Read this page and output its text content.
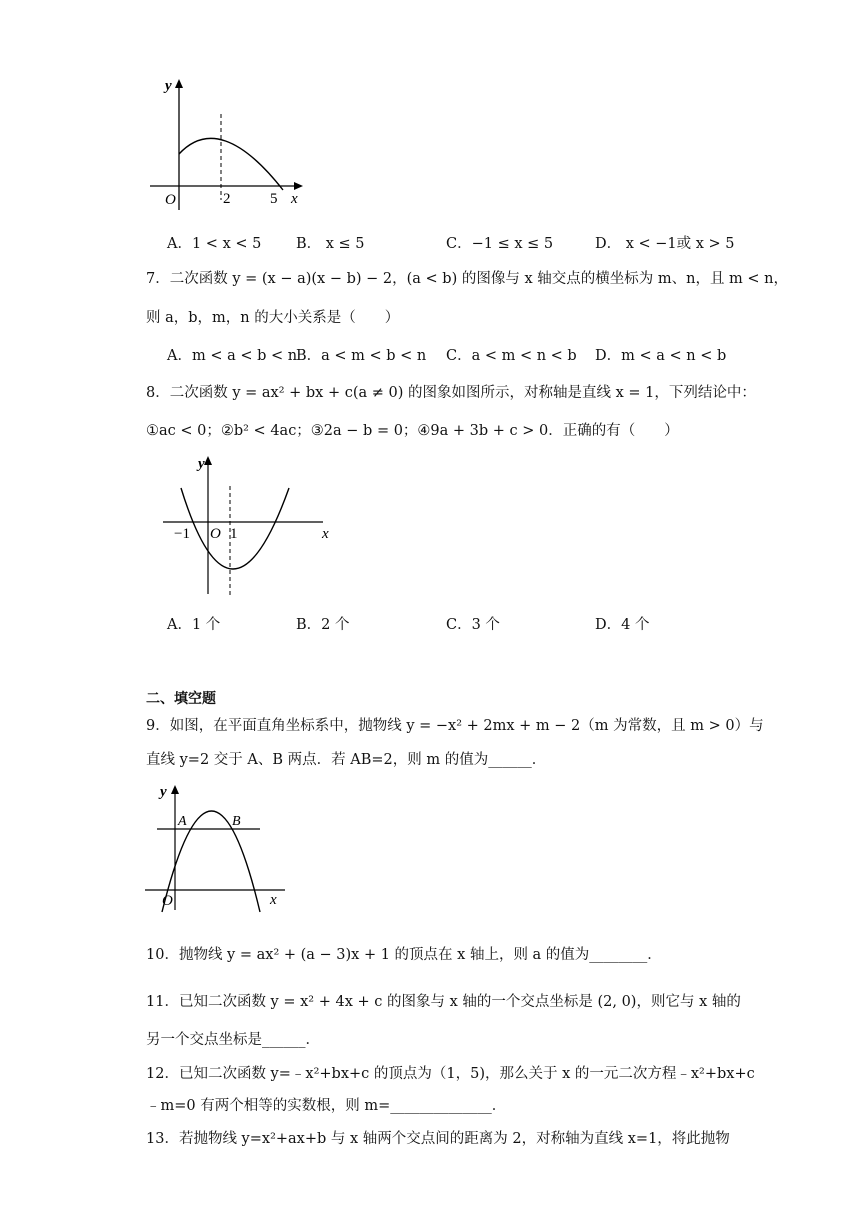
y
O	2	5 x
A．1 < x < 5 B． x ≤ 5	C．−1 ≤ x ≤ 5	D． x < −1或 x > 5
7．二次函数 y = (x − a)(x − b) − 2，(a < b) 的图像与 x 轴交点的横坐标为 m、n，且 m < n，
则 a，b，m，n 的大小关系是（　　）
A．m < a < b < n
B．a < m < b < n C．a < m < n < b D．m < a < n < b
8．二次函数 y = ax² + bx + c(a ≠ 0) 的图象如图所示，对称轴是直线 x = 1，下列结论中：
①ac < 0；②b² < 4ac；③2a − b = 0；④9a + 3b + c > 0．正确的有（　　）
y
−1 O 1	x
A．1 个	B．2 个	C．3 个	D．4 个
二、填空题
9．如图，在平面直角坐标系中，抛物线 y = −x² + 2mx + m − 2（m 为常数，且 m > 0）与
直线 y=2 交于 A、B 两点．若 AB=2，则 m 的值为______．
y
A	B
O	x
10．抛物线 y = ax² + (a − 3)x + 1 的顶点在 x 轴上，则 a 的值为________．
11．已知二次函数 y = x² + 4x + c 的图象与 x 轴的一个交点坐标是 (2, 0)，则它与 x 轴的
另一个交点坐标是______．
12．已知二次函数 y=﹣x²+bx+c 的顶点为（1，5)，那么关于 x 的一元二次方程﹣x²+bx+c
﹣m=0 有两个相等的实数根，则 m=______________．
13．若抛物线 y=x²+ax+b 与 x 轴两个交点间的距离为 2，对称轴为直线 x=1，将此抛物
